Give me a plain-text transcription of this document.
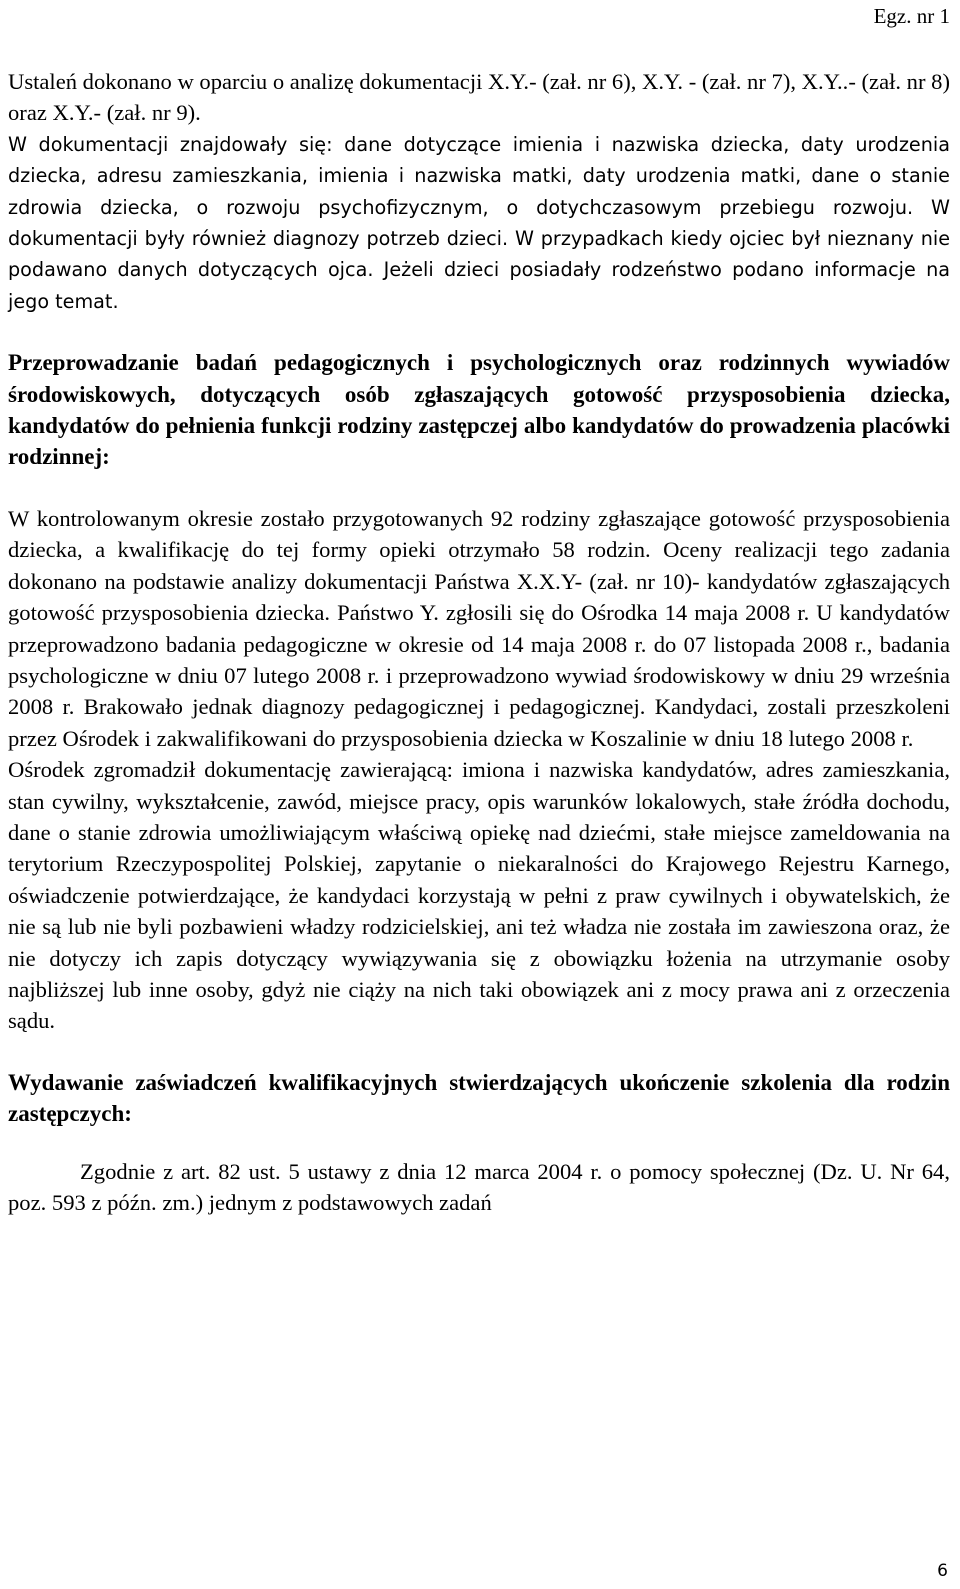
Egz. nr 1

Ustaleń dokonano w oparciu o analizę dokumentacji X.Y.- (zał. nr 6), X.Y. - (zał. nr 7), X.Y..- (zał. nr 8) oraz X.Y.- (zał. nr 9).

W dokumentacji znajdowały się: dane dotyczące imienia i nazwiska dziecka, daty urodzenia dziecka, adresu zamieszkania, imienia i nazwiska matki, daty urodzenia matki, dane o stanie zdrowia dziecka, o rozwoju psychofizycznym, o dotychczasowym przebiegu rozwoju. W dokumentacji były również diagnozy potrzeb dzieci. W przypadkach kiedy ojciec był nieznany nie podawano danych dotyczących ojca. Jeżeli dzieci posiadały rodzeństwo podano informacje na jego temat.

Przeprowadzanie badań pedagogicznych i psychologicznych oraz rodzinnych wywiadów środowiskowych, dotyczących osób zgłaszających gotowość przysposobienia dziecka, kandydatów do pełnienia funkcji rodziny zastępczej albo kandydatów do prowadzenia placówki rodzinnej:

W kontrolowanym okresie zostało przygotowanych 92 rodziny zgłaszające gotowość przysposobienia dziecka, a kwalifikację do tej formy opieki otrzymało 58 rodzin. Oceny realizacji tego zadania dokonano na podstawie analizy dokumentacji Państwa X.X.Y- (zał. nr 10)- kandydatów zgłaszających gotowość przysposobienia dziecka. Państwo Y. zgłosili się do Ośrodka 14 maja 2008 r. U kandydatów przeprowadzono badania pedagogiczne w okresie od 14 maja 2008 r. do 07 listopada 2008 r., badania psychologiczne w dniu 07 lutego 2008 r. i przeprowadzono wywiad środowiskowy w dniu 29 września 2008 r. Brakowało jednak diagnozy pedagogicznej i pedagogicznej. Kandydaci, zostali przeszkoleni przez Ośrodek i zakwalifikowani do przysposobienia dziecka w Koszalinie w dniu 18 lutego 2008 r.

Ośrodek zgromadził dokumentację zawierającą: imiona i nazwiska kandydatów, adres zamieszkania, stan cywilny, wykształcenie, zawód, miejsce pracy, opis warunków lokalowych, stałe źródła dochodu, dane o stanie zdrowia umożliwiającym właściwą opiekę nad dziećmi, stałe miejsce zameldowania na terytorium Rzeczypospolitej Polskiej, zapytanie o niekaralności do Krajowego Rejestru Karnego, oświadczenie potwierdzające, że kandydaci korzystają w pełni z praw cywilnych i obywatelskich, że nie są lub nie byli pozbawieni władzy rodzicielskiej, ani też władza nie została im zawieszona oraz, że nie dotyczy ich zapis dotyczący wywiązywania się z obowiązku łożenia na utrzymanie osoby najbliższej lub inne osoby, gdyż nie ciąży na nich taki obowiązek ani z mocy prawa ani z orzeczenia sądu.

Wydawanie zaświadczeń kwalifikacyjnych stwierdzających ukończenie szkolenia dla rodzin zastępczych:

Zgodnie z art. 82 ust. 5 ustawy z dnia 12 marca 2004 r. o pomocy społecznej (Dz. U. Nr 64, poz. 593 z późn. zm.) jednym z podstawowych zadań

6
